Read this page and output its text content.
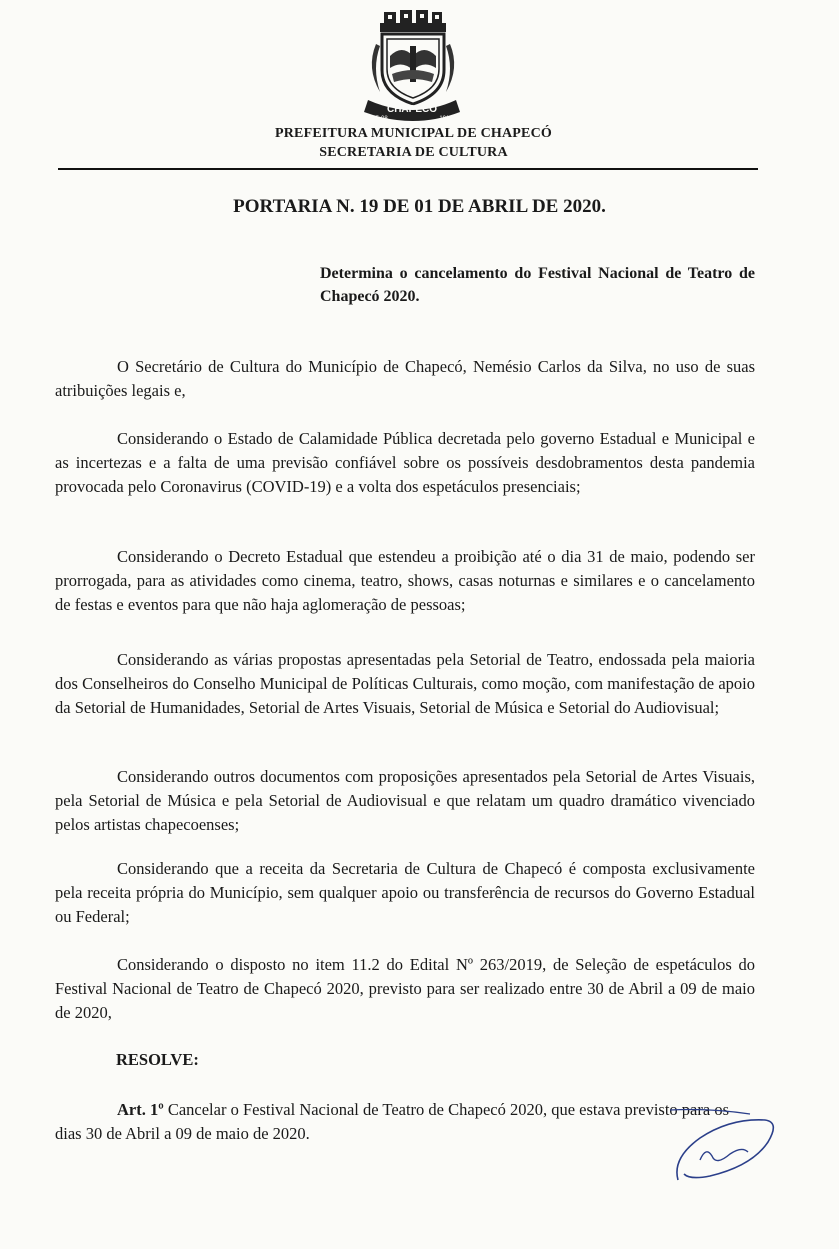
CHAPECÓ
25-08	1917
PREFEITURA MUNICIPAL DE CHAPECÓ
SECRETARIA DE CULTURA
PORTARIA N. 19 DE 01 DE ABRIL DE 2020.
Determina o cancelamento do Festival Nacional de Teatro de Chapecó 2020.
O Secretário de Cultura do Município de Chapecó, Nemésio Carlos da Silva, no uso de suas atribuições legais e,
Considerando o Estado de Calamidade Pública decretada pelo governo Estadual e Municipal e as incertezas e a falta de uma previsão confiável sobre os possíveis desdobramentos desta pandemia provocada pelo Coronavirus (COVID-19) e a volta dos espetáculos presenciais;
Considerando o Decreto Estadual que estendeu a proibição até o dia 31 de maio, podendo ser prorrogada, para as atividades como cinema, teatro, shows, casas noturnas e similares e o cancelamento de festas e eventos para que não haja aglomeração de pessoas;
Considerando as várias propostas apresentadas pela Setorial de Teatro, endossada pela maioria dos Conselheiros do Conselho Municipal de Políticas Culturais, como moção, com manifestação de apoio da Setorial de Humanidades, Setorial de Artes Visuais, Setorial de Música e Setorial do Audiovisual;
Considerando outros documentos com proposições apresentados pela Setorial de Artes Visuais, pela Setorial de Música e pela Setorial de Audiovisual e que relatam um quadro dramático vivenciado pelos artistas chapecoenses;
Considerando que a receita da Secretaria de Cultura de Chapecó é composta exclusivamente pela receita própria do Município, sem qualquer apoio ou transferência de recursos do Governo Estadual ou Federal;
Considerando o disposto no item 11.2 do Edital Nº 263/2019, de Seleção de espetáculos do Festival Nacional de Teatro de Chapecó 2020, previsto para ser realizado entre 30 de Abril a 09 de maio de 2020,
RESOLVE:
Art. 1º Cancelar o Festival Nacional de Teatro de Chapecó 2020, que estava previsto para os dias 30 de Abril a 09 de maio de 2020.
